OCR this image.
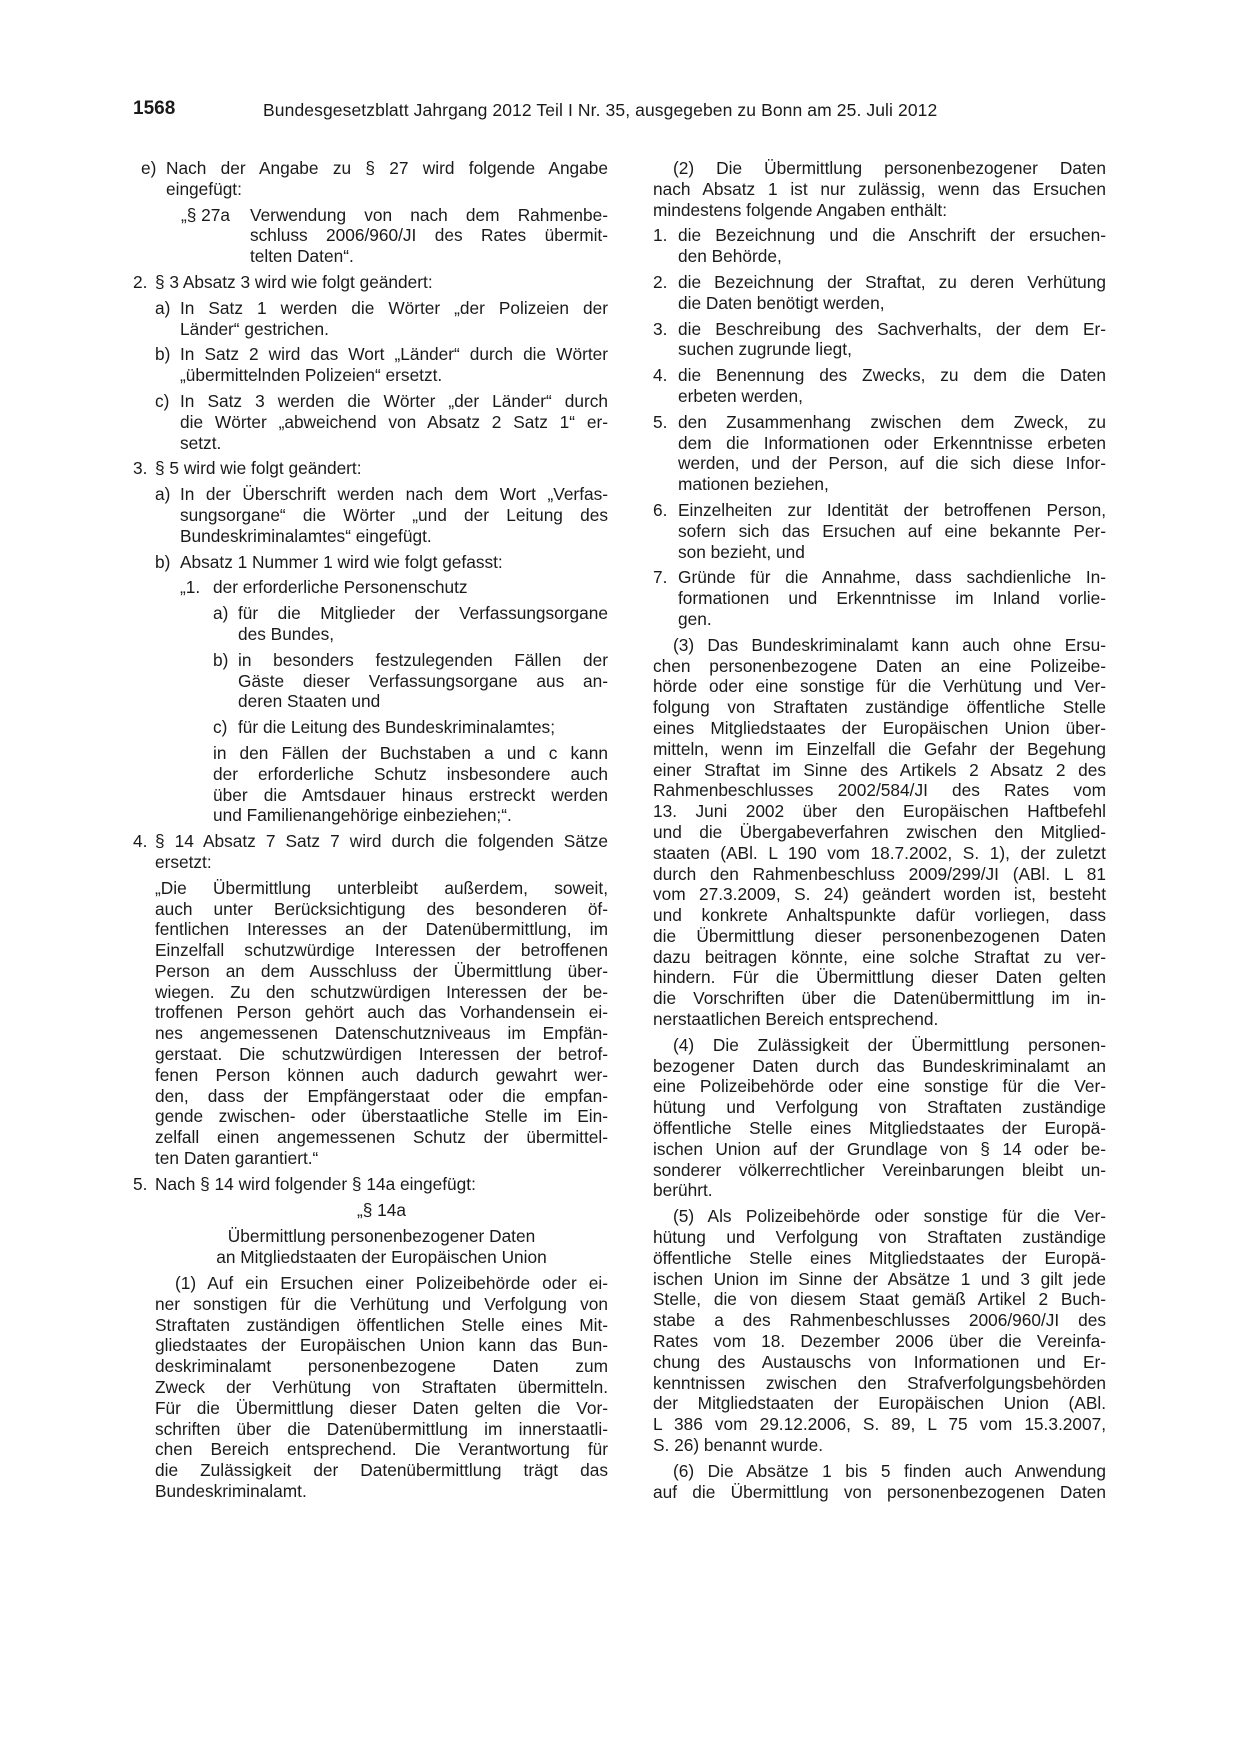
1568	Bundesgesetzblatt Jahrgang 2012 Teil I Nr. 35, ausgegeben zu Bonn am 25. Juli 2012
e) Nach der Angabe zu § 27 wird folgende Angabe
eingefügt:
„§ 27a	Verwendung von nach dem Rahmenbe-
schluss 2006/960/JI des Rates übermit-
telten Daten“.
2. § 3 Absatz 3 wird wie folgt geändert:
a) In Satz 1 werden die Wörter „der Polizeien der
Länder“ gestrichen.
b) In Satz 2 wird das Wort „Länder“ durch die Wörter
„übermittelnden Polizeien“ ersetzt.
c) In Satz 3 werden die Wörter „der Länder“ durch
die Wörter „abweichend von Absatz 2 Satz 1“ er-
setzt.
3. § 5 wird wie folgt geändert:
a) In der Überschrift werden nach dem Wort „Verfas-
sungsorgane“ die Wörter „und der Leitung des
Bundeskriminalamtes“ eingefügt.
b) Absatz 1 Nummer 1 wird wie folgt gefasst:
„1. der erforderliche Personenschutz
a) für die Mitglieder der Verfassungsorgane
des Bundes,
b) in besonders festzulegenden Fällen der
Gäste dieser Verfassungsorgane aus an-
deren Staaten und
c) für die Leitung des Bundeskriminalamtes;
in den Fällen der Buchstaben a und c kann
der erforderliche Schutz insbesondere auch
über die Amtsdauer hinaus erstreckt werden
und Familienangehörige einbeziehen;“.
4. § 14 Absatz 7 Satz 7 wird durch die folgenden Sätze
ersetzt:
„Die Übermittlung unterbleibt außerdem, soweit,
auch unter Berücksichtigung des besonderen öf-
fentlichen Interesses an der Datenübermittlung, im
Einzelfall schutzwürdige Interessen der betroffenen
Person an dem Ausschluss der Übermittlung über-
wiegen. Zu den schutzwürdigen Interessen der be-
troffenen Person gehört auch das Vorhandensein ei-
nes angemessenen Datenschutzniveaus im Empfän-
gerstaat. Die schutzwürdigen Interessen der betrof-
fenen Person können auch dadurch gewahrt wer-
den, dass der Empfängerstaat oder die empfan-
gende zwischen- oder überstaatliche Stelle im Ein-
zelfall einen angemessenen Schutz der übermittel-
ten Daten garantiert.“
5. Nach § 14 wird folgender § 14a eingefügt:
„§ 14a
Übermittlung personenbezogener Daten
an Mitgliedstaaten der Europäischen Union
(1) Auf ein Ersuchen einer Polizeibehörde oder ei-
ner sonstigen für die Verhütung und Verfolgung von
Straftaten zuständigen öffentlichen Stelle eines Mit-
gliedstaates der Europäischen Union kann das Bun-
deskriminalamt personenbezogene Daten zum
Zweck der Verhütung von Straftaten übermitteln.
Für die Übermittlung dieser Daten gelten die Vor-
schriften über die Datenübermittlung im innerstaatli-
chen Bereich entsprechend. Die Verantwortung für
die Zulässigkeit der Datenübermittlung trägt das
Bundeskriminalamt.
(2) Die Übermittlung personenbezogener Daten
nach Absatz 1 ist nur zulässig, wenn das Ersuchen
mindestens folgende Angaben enthält:
1. die Bezeichnung und die Anschrift der ersuchen-
den Behörde,
2. die Bezeichnung der Straftat, zu deren Verhütung
die Daten benötigt werden,
3. die Beschreibung des Sachverhalts, der dem Er-
suchen zugrunde liegt,
4. die Benennung des Zwecks, zu dem die Daten
erbeten werden,
5. den Zusammenhang zwischen dem Zweck, zu
dem die Informationen oder Erkenntnisse erbeten
werden, und der Person, auf die sich diese Infor-
mationen beziehen,
6. Einzelheiten zur Identität der betroffenen Person,
sofern sich das Ersuchen auf eine bekannte Per-
son bezieht, und
7. Gründe für die Annahme, dass sachdienliche In-
formationen und Erkenntnisse im Inland vorlie-
gen.
(3) Das Bundeskriminalamt kann auch ohne Ersu-
chen personenbezogene Daten an eine Polizeibe-
hörde oder eine sonstige für die Verhütung und Ver-
folgung von Straftaten zuständige öffentliche Stelle
eines Mitgliedstaates der Europäischen Union über-
mitteln, wenn im Einzelfall die Gefahr der Begehung
einer Straftat im Sinne des Artikels 2 Absatz 2 des
Rahmenbeschlusses 2002/584/JI des Rates vom
13. Juni 2002 über den Europäischen Haftbefehl
und die Übergabeverfahren zwischen den Mitglied-
staaten (ABl. L 190 vom 18.7.2002, S. 1), der zuletzt
durch den Rahmenbeschluss 2009/299/JI (ABl. L 81
vom 27.3.2009, S. 24) geändert worden ist, besteht
und konkrete Anhaltspunkte dafür vorliegen, dass
die Übermittlung dieser personenbezogenen Daten
dazu beitragen könnte, eine solche Straftat zu ver-
hindern. Für die Übermittlung dieser Daten gelten
die Vorschriften über die Datenübermittlung im in-
nerstaatlichen Bereich entsprechend.
(4) Die Zulässigkeit der Übermittlung personen-
bezogener Daten durch das Bundeskriminalamt an
eine Polizeibehörde oder eine sonstige für die Ver-
hütung und Verfolgung von Straftaten zuständige
öffentliche Stelle eines Mitgliedstaates der Europä-
ischen Union auf der Grundlage von § 14 oder be-
sonderer völkerrechtlicher Vereinbarungen bleibt un-
berührt.
(5) Als Polizeibehörde oder sonstige für die Ver-
hütung und Verfolgung von Straftaten zuständige
öffentliche Stelle eines Mitgliedstaates der Europä-
ischen Union im Sinne der Absätze 1 und 3 gilt jede
Stelle, die von diesem Staat gemäß Artikel 2 Buch-
stabe a des Rahmenbeschlusses 2006/960/JI des
Rates vom 18. Dezember 2006 über die Vereinfa-
chung des Austauschs von Informationen und Er-
kenntnissen zwischen den Strafverfolgungsbehörden
der Mitgliedstaaten der Europäischen Union (ABl.
L 386 vom 29.12.2006, S. 89, L 75 vom 15.3.2007,
S. 26) benannt wurde.
(6) Die Absätze 1 bis 5 finden auch Anwendung
auf die Übermittlung von personenbezogenen Daten
